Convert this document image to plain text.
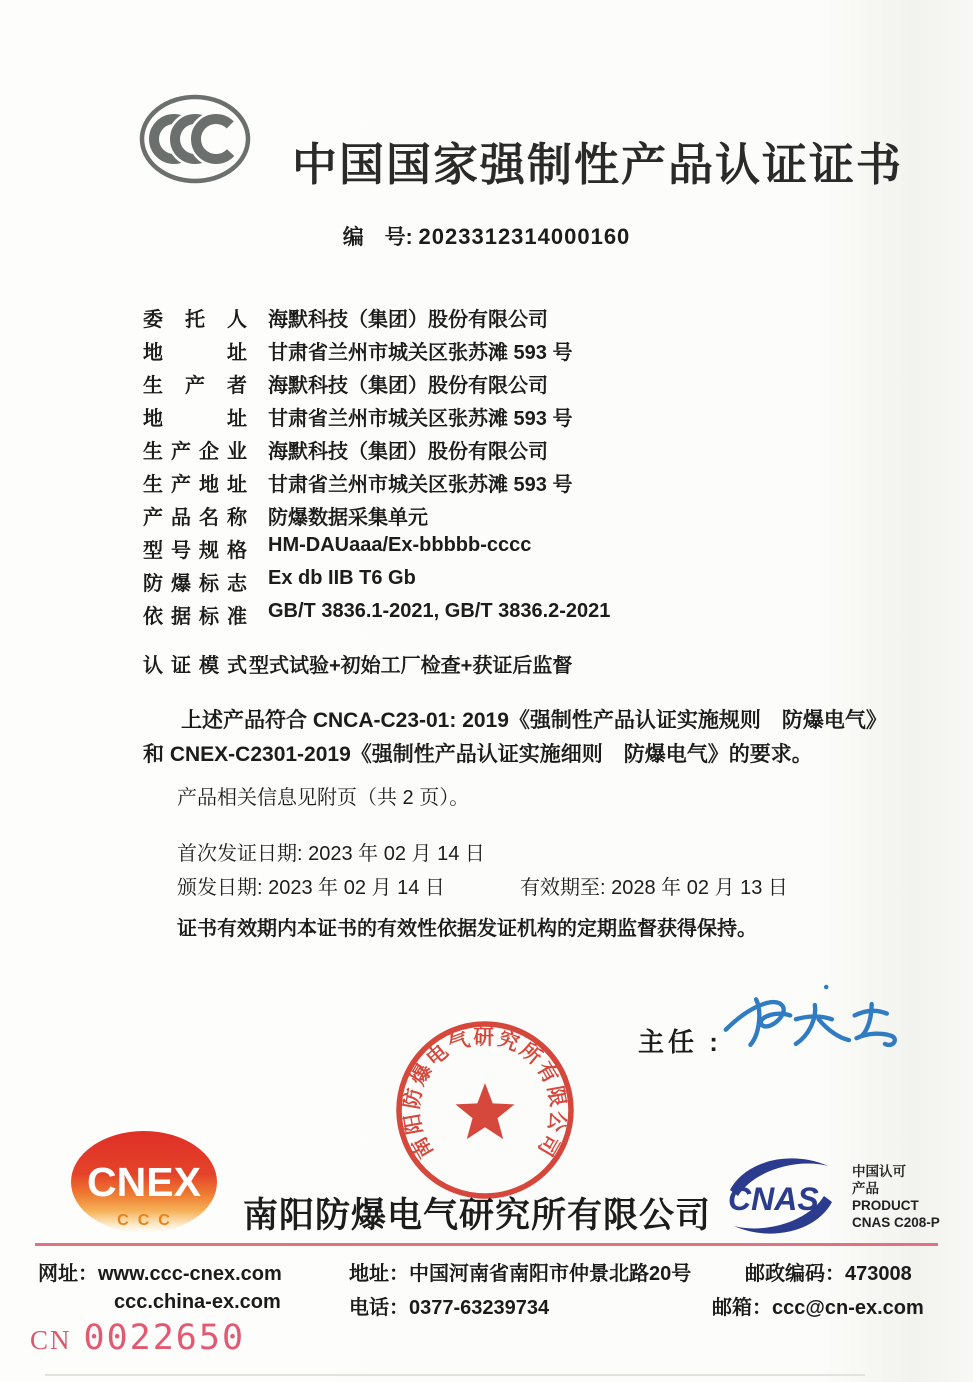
中国国家强制性产品认证证书
编　号: 2023312314000160
委托人 海默科技（集团）股份有限公司
地址 甘肃省兰州市城关区张苏滩 593 号
生产者 海默科技（集团）股份有限公司
地址 甘肃省兰州市城关区张苏滩 593 号
生产企业 海默科技（集团）股份有限公司
生产地址 甘肃省兰州市城关区张苏滩 593 号
产品名称 防爆数据采集单元
型号规格 HM-DAUaaa/Ex-bbbbb-cccc
防爆标志 Ex db IIB T6 Gb
依据标准 GB/T 3836.1-2021, GB/T 3836.2-2021
认证模式 型式试验+初始工厂检查+获证后监督
上述产品符合 CNCA-C23-01: 2019《强制性产品认证实施规则　防爆电气》
和 CNEX-C2301-2019《强制性产品认证实施细则　防爆电气》的要求。
产品相关信息见附页（共 2 页）。
首次发证日期: 2023 年 02 月 14 日
颁发日期: 2023 年 02 月 14 日	有效期至: 2028 年 02 月 13 日
证书有效期内本证书的有效性依据发证机构的定期监督获得保持。
主任 :
南阳防爆电气研究所有限公司
南阳防爆电气研究所有限公司
CNEX
CCC
CNAS
中国认可
产品
PRODUCT
CNAS C208-P
网址：www.ccc-cnex.com
ccc.china-ex.com
地址：中国河南省南阳市仲景北路20号
电话：0377-63239734
邮政编码：473008
邮箱：ccc@cn-ex.com
CN 0022650
